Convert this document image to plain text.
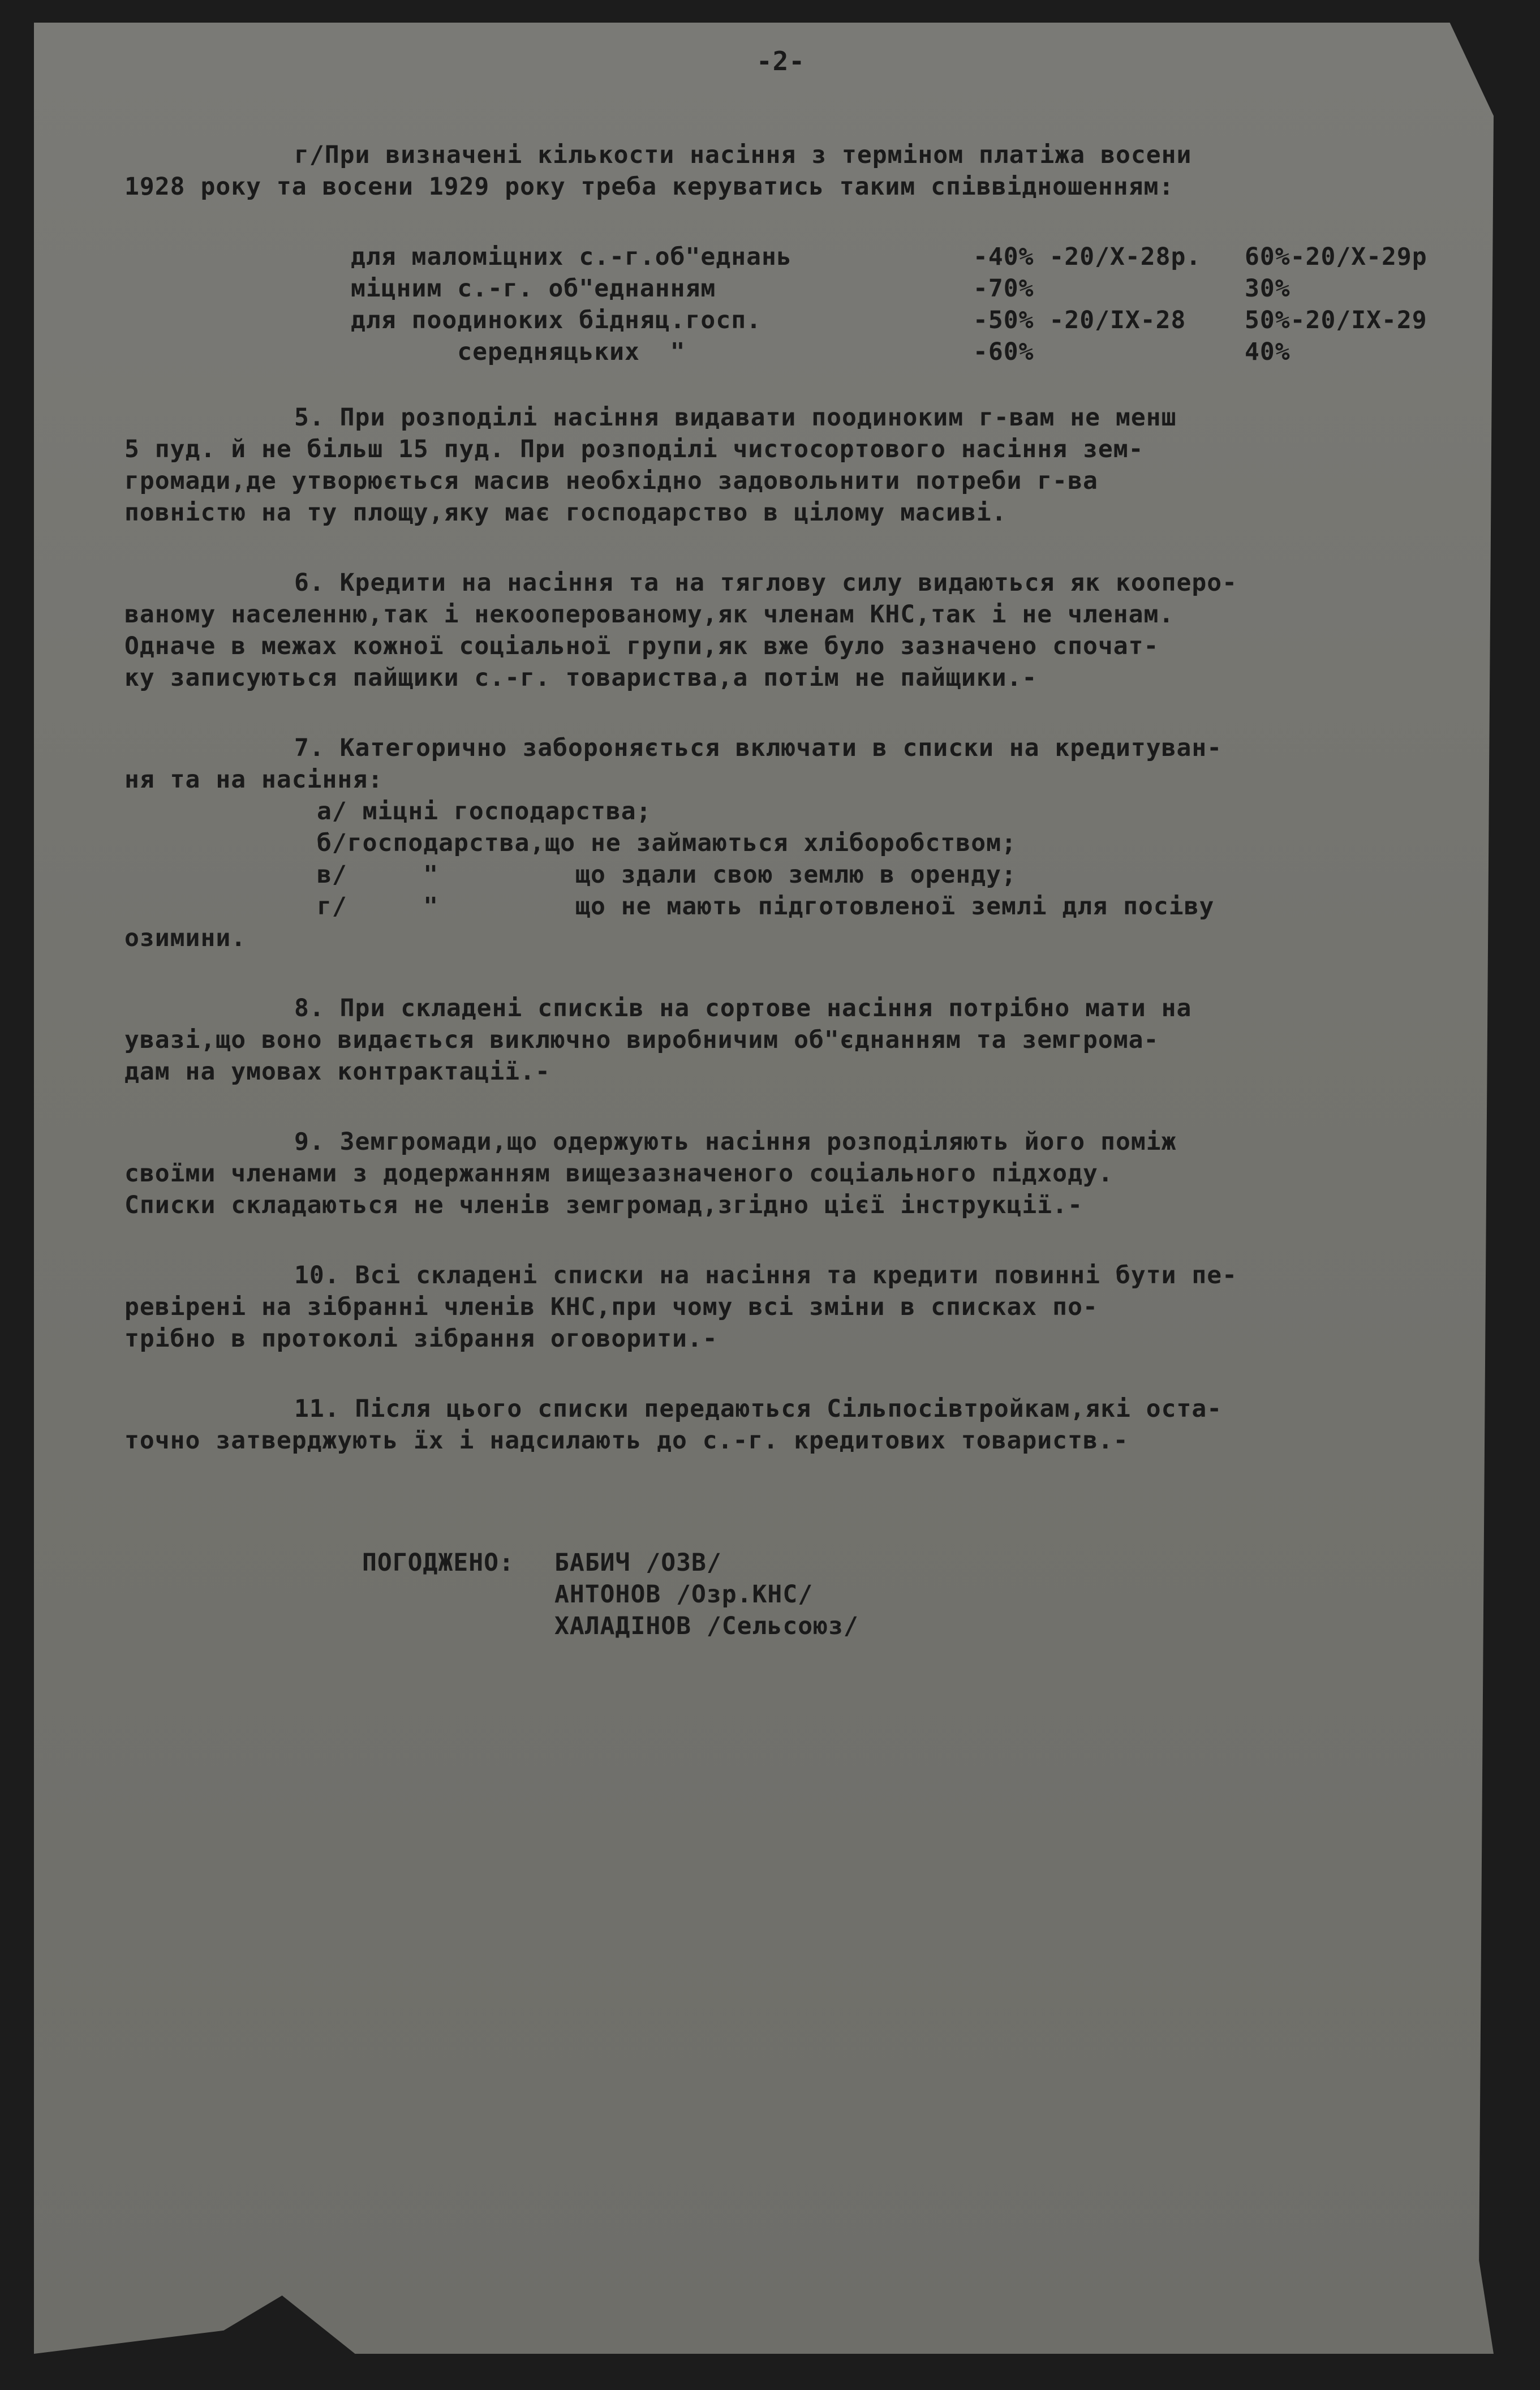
-2-
г/При визначені кількости насіння з терміном платіжа восени
1928 року та восени 1929 року треба керуватись таким співвідношенням:
для маломіцних с.-г.об"еднань	-40% -20/X-28р.	60%-20/X-29р
міцним с.-г. об"еднанням	-70%	30%
для поодиноких бідняц.госп.	-50% -20/IX-28	50%-20/IX-29
середняцьких  "	-60%	40%
5. При розподілі насіння видавати поодиноким г-вам не менш
5 пуд. й не більш 15 пуд. При розподілі чистосортового насіння зем-
громади,де утворюється масив необхідно задовольнити потреби г-ва
повністю на ту площу,яку має господарство в цілому масиві.
6. Кредити на насіння та на тяглову силу видаються як кооперо-
ваному населенню,так і некооперованому,як членам КНС,так і не членам.
Одначе в межах кожної соціальної групи,як вже було зазначено спочат-
ку записуються пайщики с.-г. товариства,а потім не пайщики.-
7. Категорично забороняється включати в списки на кредитуван-
ня та на насіння:
а/ міцні господарства;
б/господарства,що не займаються хліборобством;
в/     "         що здали свою землю в оренду;
г/     "         що не мають підготовленої землі для посіву
озимини.
8. При складені списків на сортове насіння потрібно мати на
увазі,що воно видається виключно виробничим об"єднанням та земгрома-
дам на умовах контрактації.-
9. Земгромади,що одержують насіння розподіляють його поміж
своїми членами з додержанням вищезазначеного соціального підходу.
Списки складаються не членів земгромад,згідно цієї інструкції.-
10. Всі складені списки на насіння та кредити повинні бути пе-
ревірені на зібранні членів КНС,при чому всі зміни в списках по-
трібно в протоколі зібрання оговорити.-
11. Після цього списки передаються Сільпосівтройкам,які оста-
точно затверджують їх і надсилають до с.-г. кредитових товариств.-
ПОГОДЖЕНО:	БАБИЧ /ОЗВ/
АНТОНОВ /Озр.КНС/
ХАЛАДІНОВ /Сельсоюз/
